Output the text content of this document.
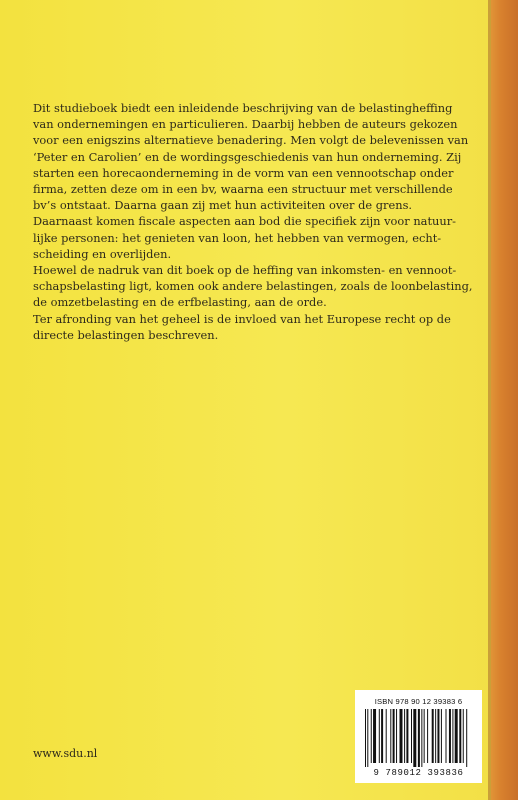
Dit studieboek biedt een inleidende beschrijving van de belastingheffing
van ondernemingen en particulieren. Daarbij hebben de auteurs gekozen
voor een enigszins alternatieve benadering. Men volgt de belevenissen van
‘Peter en Carolien’ en de wordingsgeschiedenis van hun onderneming. Zij
starten een horecaonderneming in de vorm van een vennootschap onder
firma, zetten deze om in een bv, waarna een structuur met verschillende
bv’s ontstaat. Daarna gaan zij met hun activiteiten over de grens.

Daarnaast komen fiscale aspecten aan bod die specifiek zijn voor natuur-
lijke personen: het genieten van loon, het hebben van vermogen, echt-
scheiding en overlijden.

Hoewel de nadruk van dit boek op de heffing van inkomsten- en vennoot-
schapsbelasting ligt, komen ook andere belastingen, zoals de loonbelasting,
de omzetbelasting en de erfbelasting, aan de orde.

Ter afronding van het geheel is de invloed van het Europese recht op de
directe belastingen beschreven.

www.sdu.nl
ISBN 978 90 12 39383 6
9 789012 393836
